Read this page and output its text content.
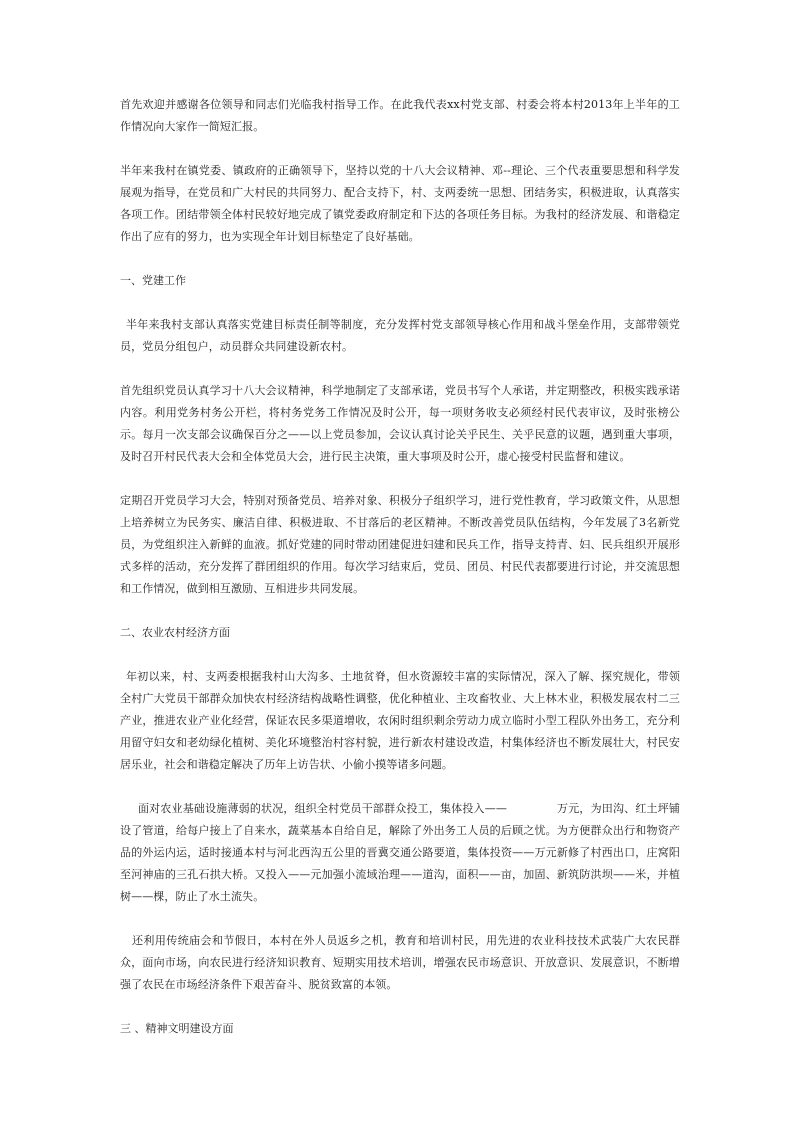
首先欢迎并感谢各位领导和同志们光临我村指导工作。在此我代表xx村党支部、村委会将本村2013年上半年的工作情况向大家作一简短汇报。

半年来我村在镇党委、镇政府的正确领导下，坚持以党的十八大会议精神、邓--理论、三个代表重要思想和科学发展观为指导，在党员和广大村民的共同努力、配合支持下，村、支两委统一思想、团结务实，积极进取，认真落实各项工作。团结带领全体村民较好地完成了镇党委政府制定和下达的各项任务目标。为我村的经济发展、和谐稳定作出了应有的努力，也为实现全年计划目标垫定了良好基础。

一、党建工作

半年来我村支部认真落实党建目标责任制等制度，充分发挥村党支部领导核心作用和战斗堡垒作用，支部带领党员，党员分组包户，动员群众共同建设新农村。

首先组织党员认真学习十八大会议精神，科学地制定了支部承诺，党员书写个人承诺，并定期整改，积极实践承诺内容。利用党务村务公开栏，将村务党务工作情况及时公开，每一项财务收支必须经村民代表审议，及时张榜公示。每月一次支部会议确保百分之——以上党员参加，会议认真讨论关乎民生、关乎民意的议题，遇到重大事项，及时召开村民代表大会和全体党员大会，进行民主决策，重大事项及时公开，虚心接受村民监督和建议。

定期召开党员学习大会，特别对预备党员、培养对象、积极分子组织学习，进行党性教育，学习政策文件，从思想上培养树立为民务实、廉洁自律、积极进取、不甘落后的老区精神。不断改善党员队伍结构，今年发展了3名新党员，为党组织注入新鲜的血液。抓好党建的同时带动团建促进妇建和民兵工作，指导支持青、妇、民兵组织开展形式多样的活动，充分发挥了群团组织的作用。每次学习结束后，党员、团员、村民代表都要进行讨论，并交流思想和工作情况，做到相互激励、互相进步共同发展。

二、农业农村经济方面

年初以来，村、支两委根据我村山大沟多、土地贫脊，但水资源较丰富的实际情况，深入了解、探究规化，带领全村广大党员干部群众加快农村经济结构战略性调整，优化种植业、主攻畜牧业、大上林木业，积极发展农村二三产业，推进农业产业化经营，保证农民多渠道增收，农闲时组织剩余劳动力成立临时小型工程队外出务工，充分利用留守妇女和老幼绿化植树、美化环境整治村容村貌，进行新农村建设改造，村集体经济也不断发展壮大，村民安居乐业，社会和谐稳定解决了历年上访告状、小偷小摸等诸多问题。

面对农业基础设施薄弱的状况，组织全村党员干部群众投工，集体投入——	万元，为田沟、红土坪铺设了管道，给每户接上了自来水，蔬菜基本自给自足，解除了外出务工人员的后顾之忧。为方便群众出行和物资产品的外运内运，适时接通本村与河北西沟五公里的晋冀交通公路要道，集体投资——万元新修了村西出口，庄窝阳至河神庙的三孔石拱大桥。又投入——元加强小流域治理——道沟，面积——亩，加固、新筑防洪坝——米，并植树——棵，防止了水土流失。

还利用传统庙会和节假日，本村在外人员返乡之机，教育和培训村民，用先进的农业科技技术武装广大农民群众，面向市场，向农民进行经济知识教育、短期实用技术培训，增强农民市场意识、开放意识、发展意识，不断增强了农民在市场经济条件下艰苦奋斗、脱贫致富的本领。

三 、精神文明建设方面
